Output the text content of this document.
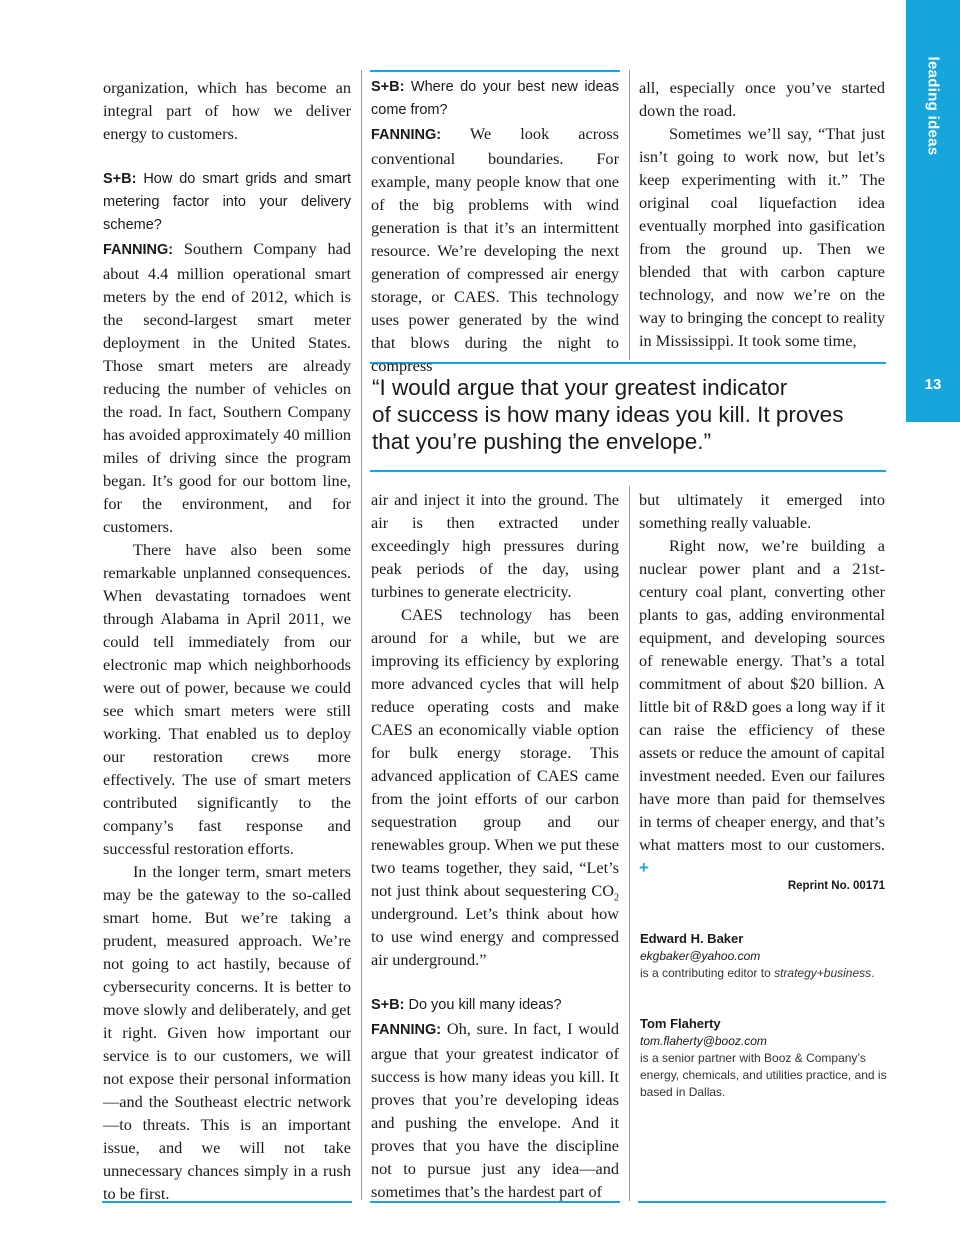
leading ideas
13

organization, which has become an integral part of how we deliver energy to customers.

S+B: How do smart grids and smart metering factor into your delivery scheme?

FANNING: Southern Company had about 4.4 million operational smart meters by the end of 2012, which is the second-largest smart meter deployment in the United States. Those smart meters are already reducing the number of vehicles on the road. In fact, Southern Company has avoided approximately 40 million miles of driving since the program began. It’s good for our bottom line, for the environment, and for customers.

There have also been some remarkable unplanned consequences. When devastating tornadoes went through Alabama in April 2011, we could tell immediately from our electronic map which neighborhoods were out of power, because we could see which smart meters were still working. That enabled us to deploy our restoration crews more effectively. The use of smart meters contributed significantly to the company’s fast response and successful restoration efforts.

In the longer term, smart meters may be the gateway to the so-called smart home. But we’re taking a prudent, measured approach. We’re not going to act hastily, because of cybersecurity concerns. It is better to move slowly and deliberately, and get it right. Given how important our service is to our customers, we will not expose their personal information—and the Southeast electric network—to threats. This is an important issue, and we will not take unnecessary chances simply in a rush to be first.

S+B: Where do your best new ideas come from?

FANNING: We look across conventional boundaries. For example, many people know that one of the big problems with wind generation is that it’s an intermittent resource. We’re developing the next generation of compressed air energy storage, or CAES. This technology uses power generated by the wind that blows during the night to compress

all, especially once you’ve started down the road.

Sometimes we’ll say, “That just isn’t going to work now, but let’s keep experimenting with it.” The original coal liquefaction idea eventually morphed into gasification from the ground up. Then we blended that with carbon capture technology, and now we’re on the way to bringing the concept to reality in Mississippi. It took some time,

“I would argue that your greatest indicator
of success is how many ideas you kill. It proves
that you’re pushing the envelope.”

air and inject it into the ground. The air is then extracted under exceedingly high pressures during peak periods of the day, using turbines to generate electricity.

CAES technology has been around for a while, but we are improving its efficiency by exploring more advanced cycles that will help reduce operating costs and make CAES an economically viable option for bulk energy storage. This advanced application of CAES came from the joint efforts of our carbon sequestration group and our renewables group. When we put these two teams together, they said, “Let’s not just think about sequestering $CO_2$ underground. Let’s think about how to use wind energy and compressed air underground.”

S+B: Do you kill many ideas?

FANNING: Oh, sure. In fact, I would argue that your greatest indicator of success is how many ideas you kill. It proves that you’re developing ideas and pushing the envelope. And it proves that you have the discipline not to pursue just any idea—and sometimes that’s the hardest part of

but ultimately it emerged into something really valuable.

Right now, we’re building a nuclear power plant and a 21st-century coal plant, converting other plants to gas, adding environmental equipment, and developing sources of renewable energy. That’s a total commitment of about $20 billion. A little bit of R&D goes a long way if it can raise the efficiency of these assets or reduce the amount of capital investment needed. Even our failures have more than paid for themselves in terms of cheaper energy, and that’s what matters most to our customers. +

Reprint No. 00171
Edward H. Baker
ekgbaker@yahoo.com
is a contributing editor to strategy+business.
Tom Flaherty
tom.flaherty@booz.com
is a senior partner with Booz & Company’s energy, chemicals, and utilities practice, and is based in Dallas.
